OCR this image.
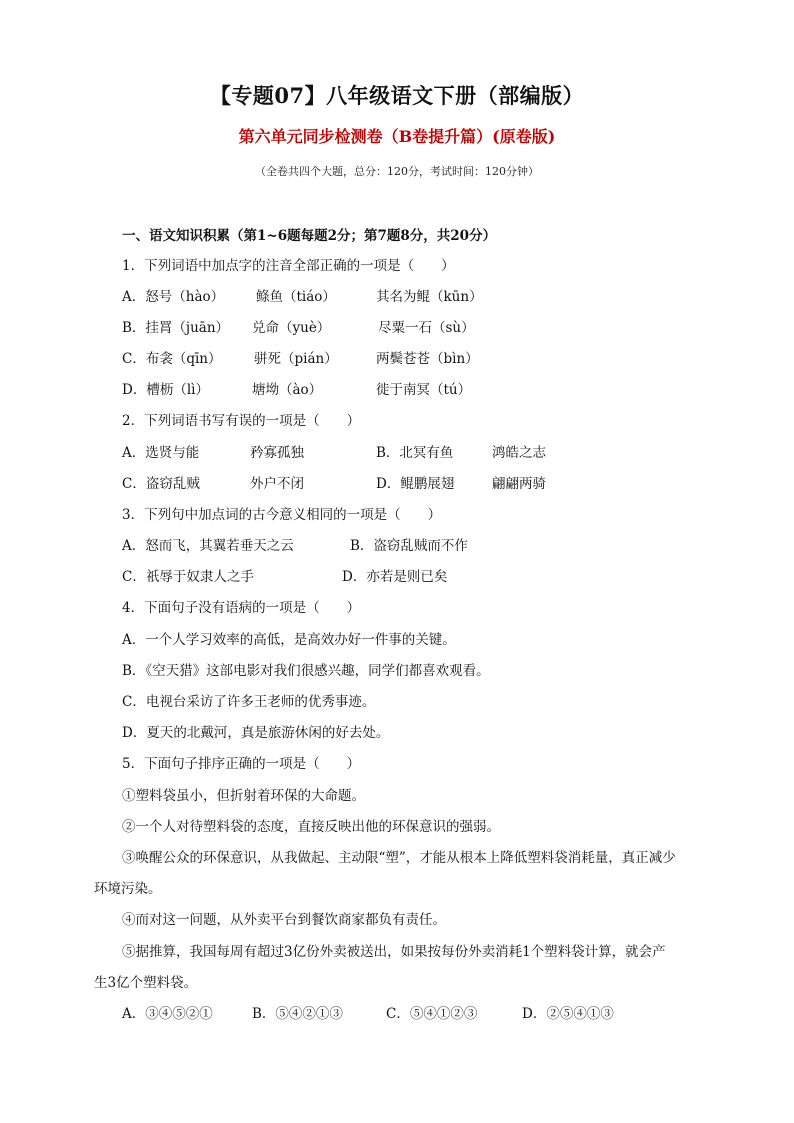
【专题07】八年级语文下册（部编版）
第六单元同步检测卷（B卷提升篇）(原卷版)
（全卷共四个大题，总分：120分，考试时间：120分钟）
一、语文知识积累（第1~6题每题2分；第7题8分，共20分）
1．下列词语中加点字的注音全部正确的一项是（　　）
A．怒号（hào） 鲦鱼（tiáo）	其名为鲲（kūn）
B．挂罥（juān） 兑命（yuè）	尽粟一石（sù）
C．布衾（qīn） 骈死（pián）	两鬓苍苍（bìn）
D．槽枥（lì）	塘坳（ào）	徙于南冥（tú）
2．下列词语书写有误的一项是（　　）
A．选贤与能	矜寡孤独	B．北冥有鱼	鸿皓之志
C．盗窃乱贼	外户不闭	D．鲲鹏展翅	翩翩两骑
3．下列句中加点词的古今意义相同的一项是（　　）
A．怒而飞，其翼若垂天之云	B．盗窃乱贼而不作
C．祇辱于奴隶人之手	D．亦若是则已矣
4．下面句子没有语病的一项是（　　）
A．一个人学习效率的高低，是高效办好一件事的关键。
B．《空天猎》这部电影对我们很感兴趣，同学们都喜欢观看。
C．电视台采访了许多王老师的优秀事迹。
D．夏天的北戴河，真是旅游休闲的好去处。
5．下面句子排序正确的一项是（　　）
①塑料袋虽小，但折射着环保的大命题。
②一个人对待塑料袋的态度，直接反映出他的环保意识的强弱。
③唤醒公众的环保意识，从我做起、主动限“塑”，才能从根本上降低塑料袋消耗量，真正减少
环境污染。
④而对这一问题，从外卖平台到餐饮商家都负有责任。
⑤据推算，我国每周有超过3亿份外卖被送出，如果按每份外卖消耗1个塑料袋计算，就会产
生3亿个塑料袋。
A．③④⑤②①	B．⑤④②①③	C．⑤④①②③	D．②⑤④①③
